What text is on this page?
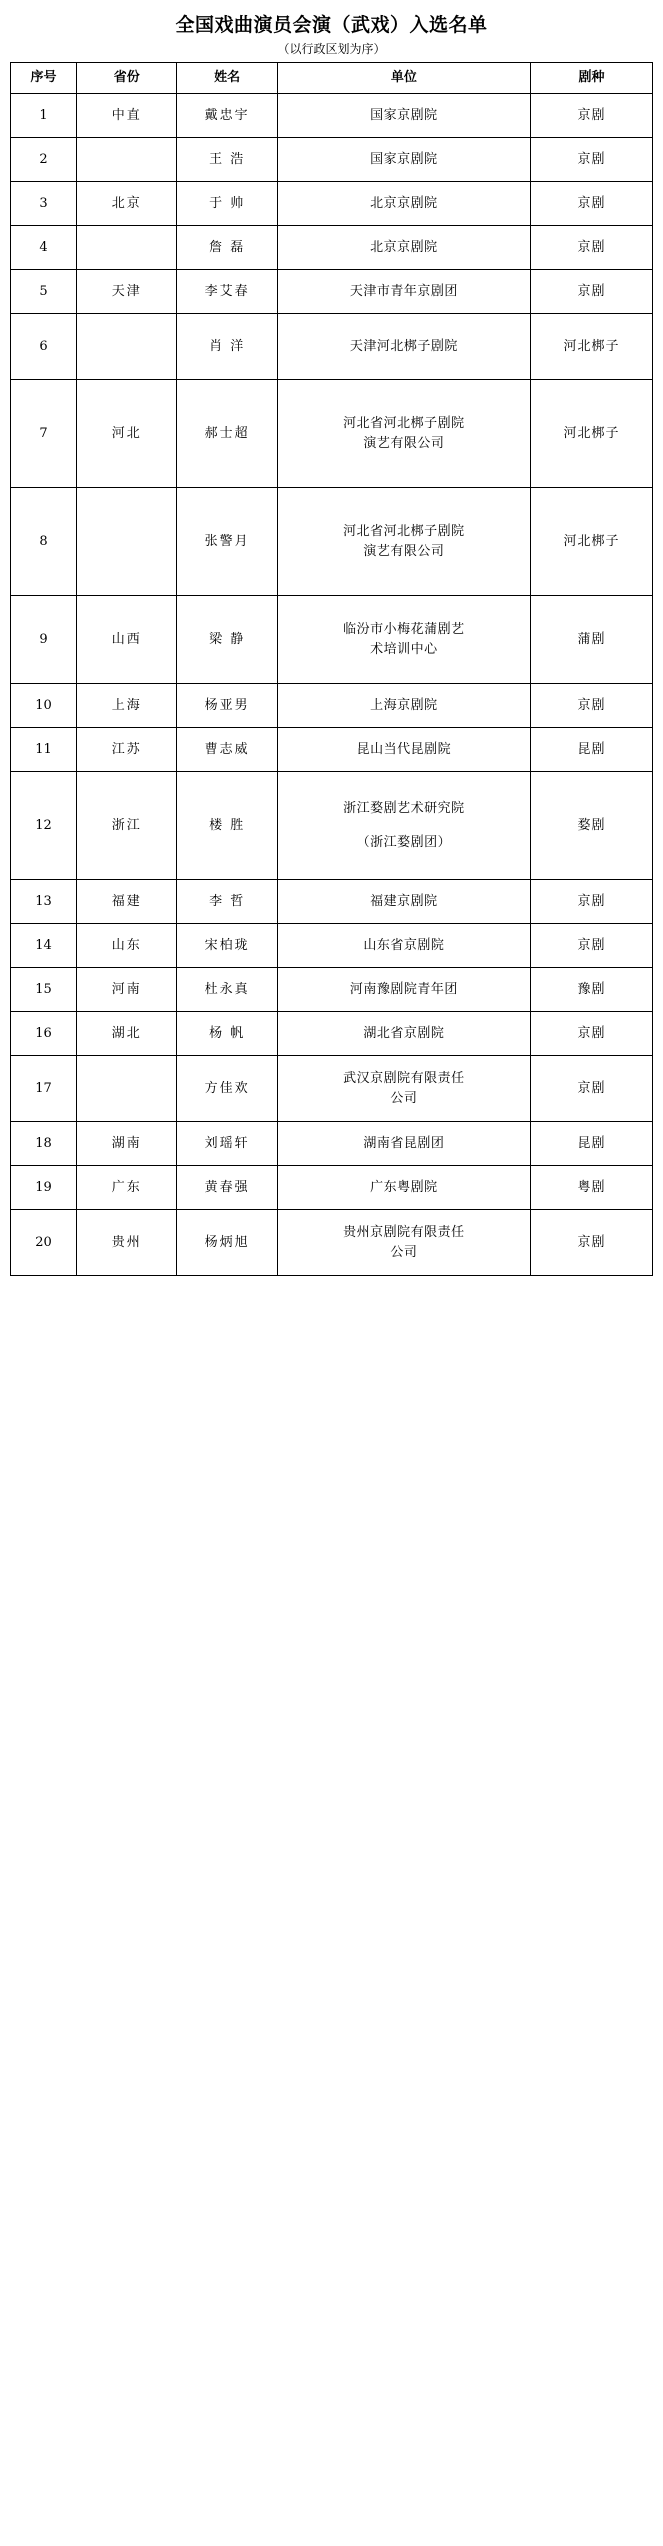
全国戏曲演员会演（武戏）入选名单
（以行政区划为序）
序号	省份	姓名	单位	剧种
1	中直	戴忠宇	国家京剧院	京剧
2		王 浩	国家京剧院	京剧
3	北京	于 帅	北京京剧院	京剧
4		詹 磊	北京京剧院	京剧
5	天津	李艾春	天津市青年京剧团	京剧
6		肖 洋	天津河北梆子剧院	河北梆子
7	河北	郝士超	河北省河北梆子剧院
演艺有限公司	河北梆子
8		张警月	河北省河北梆子剧院
演艺有限公司	河北梆子
9	山西	梁 静	临汾市小梅花蒲剧艺
术培训中心	蒲剧
10	上海	杨亚男	上海京剧院	京剧
11	江苏	曹志威	昆山当代昆剧院	昆剧
12	浙江	楼 胜	浙江婺剧艺术研究院

（浙江婺剧团）	婺剧
13	福建	李 哲	福建京剧院	京剧
14	山东	宋柏珑	山东省京剧院	京剧
15	河南	杜永真	河南豫剧院青年团	豫剧
16	湖北	杨 帆	湖北省京剧院	京剧
17		方佳欢	武汉京剧院有限责任
公司	京剧
18	湖南	刘瑶轩	湖南省昆剧团	昆剧
19	广东	黄春强	广东粤剧院	粤剧
20	贵州	杨炳旭	贵州京剧院有限责任
公司	京剧
